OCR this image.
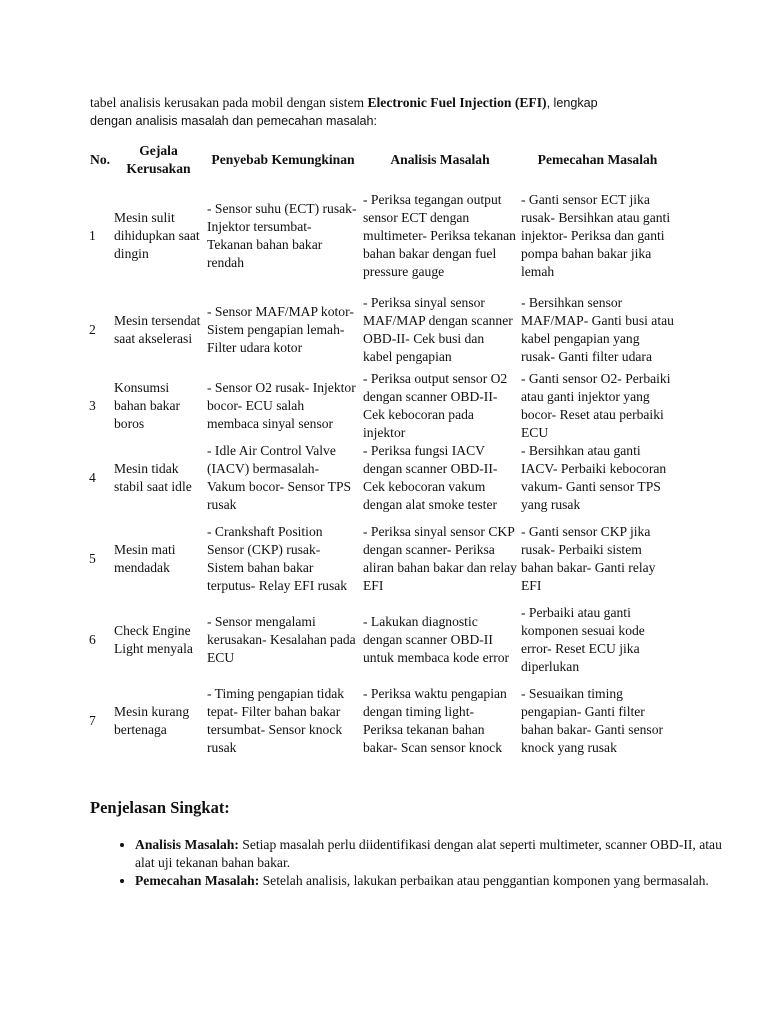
tabel analisis kerusakan pada mobil dengan sistem Electronic Fuel Injection (EFI), lengkap
dengan analisis masalah dan pemecahan masalah:

No.	Gejala Kerusakan	Penyebab Kemungkinan	Analisis Masalah	Pemecahan Masalah
1	Mesin sulit dihidupkan saat dingin	- Sensor suhu (ECT) rusak- Injektor tersumbat- Tekanan bahan bakar rendah	- Periksa tegangan output sensor ECT dengan multimeter- Periksa tekanan bahan bakar dengan fuel pressure gauge	- Ganti sensor ECT jika rusak- Bersihkan atau ganti injektor- Periksa dan ganti pompa bahan bakar jika lemah
2	Mesin tersendat saat akselerasi	- Sensor MAF/MAP kotor- Sistem pengapian lemah- Filter udara kotor	- Periksa sinyal sensor MAF/MAP dengan scanner OBD-II- Cek busi dan kabel pengapian	- Bersihkan sensor MAF/MAP- Ganti busi atau kabel pengapian yang rusak- Ganti filter udara
3	Konsumsi bahan bakar boros	- Sensor O2 rusak- Injektor bocor- ECU salah membaca sinyal sensor	- Periksa output sensor O2 dengan scanner OBD-II- Cek kebocoran pada injektor	- Ganti sensor O2- Perbaiki atau ganti injektor yang bocor- Reset atau perbaiki ECU
4	Mesin tidak stabil saat idle	- Idle Air Control Valve (IACV) bermasalah- Vakum bocor- Sensor TPS rusak	- Periksa fungsi IACV dengan scanner OBD-II- Cek kebocoran vakum dengan alat smoke tester	- Bersihkan atau ganti IACV- Perbaiki kebocoran vakum- Ganti sensor TPS yang rusak
5	Mesin mati mendadak	- Crankshaft Position Sensor (CKP) rusak- Sistem bahan bakar terputus- Relay EFI rusak	- Periksa sinyal sensor CKP dengan scanner- Periksa aliran bahan bakar dan relay EFI	- Ganti sensor CKP jika rusak- Perbaiki sistem bahan bakar- Ganti relay EFI
6	Check Engine Light menyala	- Sensor mengalami kerusakan- Kesalahan pada ECU	- Lakukan diagnostic dengan scanner OBD-II untuk membaca kode error	- Perbaiki atau ganti komponen sesuai kode error- Reset ECU jika diperlukan
7	Mesin kurang bertenaga	- Timing pengapian tidak tepat- Filter bahan bakar tersumbat- Sensor knock rusak	- Periksa waktu pengapian dengan timing light- Periksa tekanan bahan bakar- Scan sensor knock	- Sesuaikan timing pengapian- Ganti filter bahan bakar- Ganti sensor knock yang rusak
Penjelasan Singkat:
• Analisis Masalah: Setiap masalah perlu diidentifikasi dengan alat seperti multimeter, scanner OBD-II, atau alat uji tekanan bahan bakar.
• Pemecahan Masalah: Setelah analisis, lakukan perbaikan atau penggantian komponen yang bermasalah.
